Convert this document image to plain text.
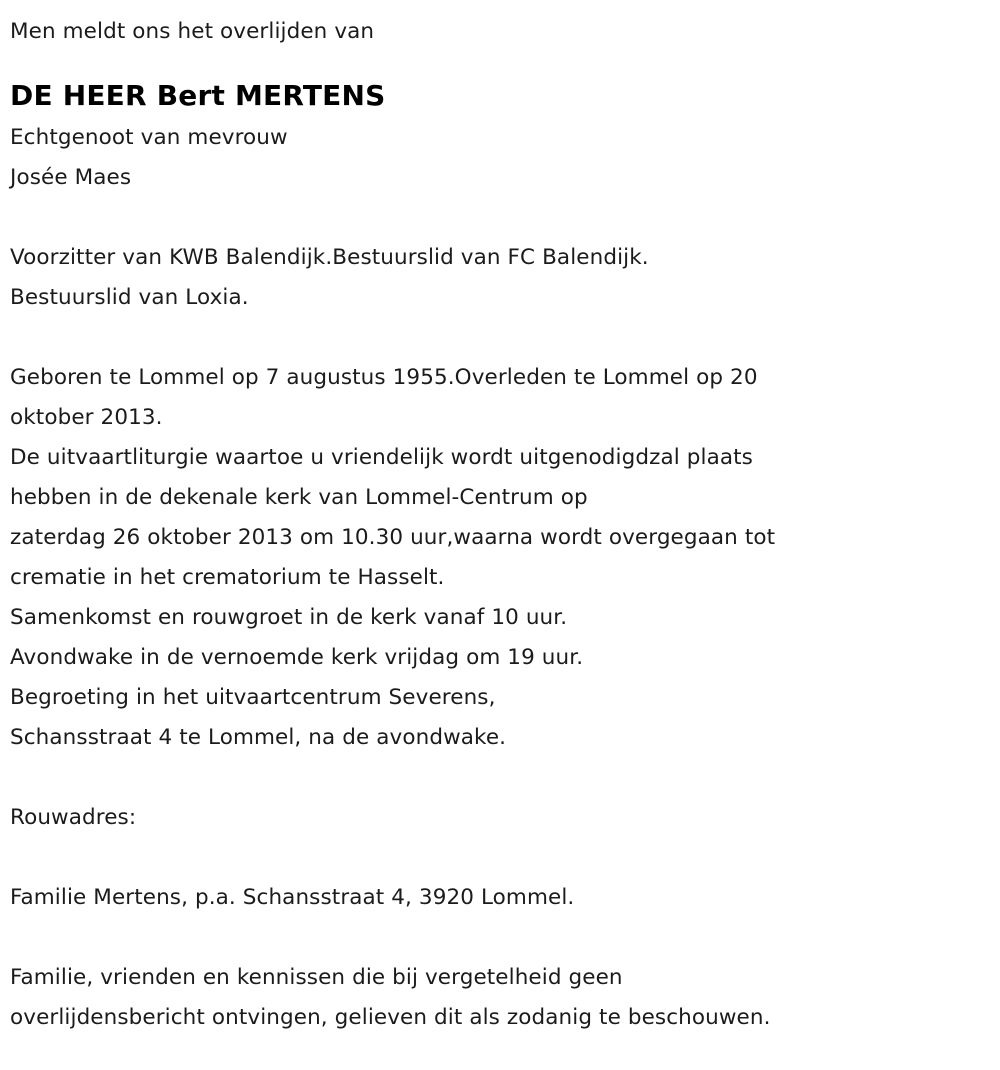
Men meldt ons het overlijden van
DE HEER Bert MERTENS
Echtgenoot van mevrouw
Josée Maes
Voorzitter van KWB Balendijk.Bestuurslid van FC Balendijk.
Bestuurslid van Loxia.
Geboren te Lommel op 7 augustus 1955.Overleden te Lommel op 20
oktober 2013.
De uitvaartliturgie waartoe u vriendelijk wordt uitgenodigdzal plaats
hebben in de dekenale kerk van Lommel-Centrum op
zaterdag 26 oktober 2013 om 10.30 uur,waarna wordt overgegaan tot
crematie in het crematorium te Hasselt.
Samenkomst en rouwgroet in de kerk vanaf 10 uur.
Avondwake in de vernoemde kerk vrijdag om 19 uur.
Begroeting in het uitvaartcentrum Severens,
Schansstraat 4 te Lommel, na de avondwake.
Rouwadres:
Familie Mertens, p.a. Schansstraat 4, 3920 Lommel.
Familie, vrienden en kennissen die bij vergetelheid geen
overlijdensbericht ontvingen, gelieven dit als zodanig te beschouwen.
